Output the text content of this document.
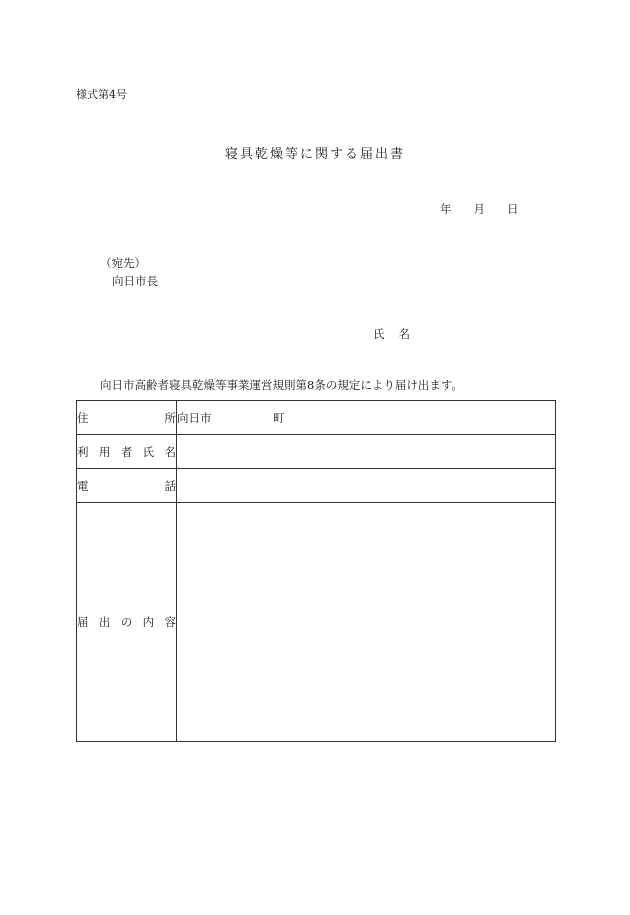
様式第4号
寝具乾燥等に関する届出書
年 月 日
（宛先）
向日市長
氏名
向日市高齢者寝具乾燥等事業運営規則第8条の規定により届け出ます。
住所	向日市 町
利用者氏名	
電話	
届出の内容	
